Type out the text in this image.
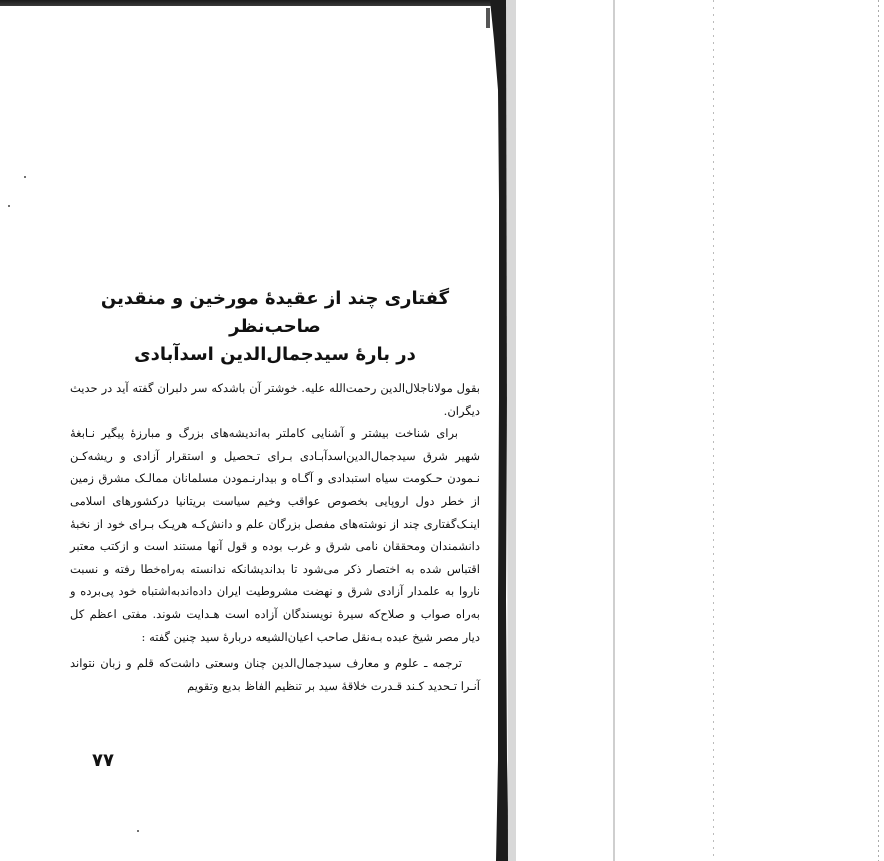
گفتاری چند از عقیدهٔ مورخین و منقدین صاحب‌نظر
در بارهٔ سیدجمال‌الدین اسدآبادی

بقول مولاناجلال‌الدین رحمت‌الله علیه. خوشتر آن باشدکه سر دلبران گفته آید در حدیث دیگران.

برای شناخت بیشتر و آشنایی کاملتر به‌اندیشه‌های بزرگ و مبارزهٔ پیگیر نـابغهٔ شهیر شرق سیدجمال‌الدین‌اسدآبـادی بـرای تـحصیل و استقرار آزادی و ریشه‌کـن نـمودن حـکومت سیاه استبدادی و آگـاه و بیدارنـمودن مسلمانان ممالـک مشرق زمین از خطر دول اروپایی بخصوص عواقب وخیم سیاست بریتانیا درکشورهای اسلامی اینـک‌گفتاری چند از نوشته‌های مفصل بزرگان علم و دانش‌کـه هریـک بـرای خود از نخبهٔ دانشمندان ومحققان نامی شرق و غرب بوده و قول آنها مستند است و ازکتب معتبر اقتباس شده به اختصار ذکر می‌شود تا بداندیشانکه ندانسته به‌راه‌خطا رفته و نسبت ناروا به علمدار آزادی شرق و نهضت مشروطیت ایران داده‌اندبه‌اشتباه خود پی‌برده و به‌راه صواب و صلاح‌که سیرهٔ نویسندگان آزاده است هـدایت شوند. مفتی اعظم کل دیار مصر شیخ عبده بـه‌نقل صاحب اعیان‌الشیعه دربارهٔ سید چنین گفته :

ترجمه ـ علوم و معارف سیدجمال‌الدین چنان وسعتی داشت‌که قلم و زبان نتواند آنـرا تـحدید کـند قـدرت خلاقهٔ سید بر تنظیم الفاظ بدیع وتقویم

۷۷
